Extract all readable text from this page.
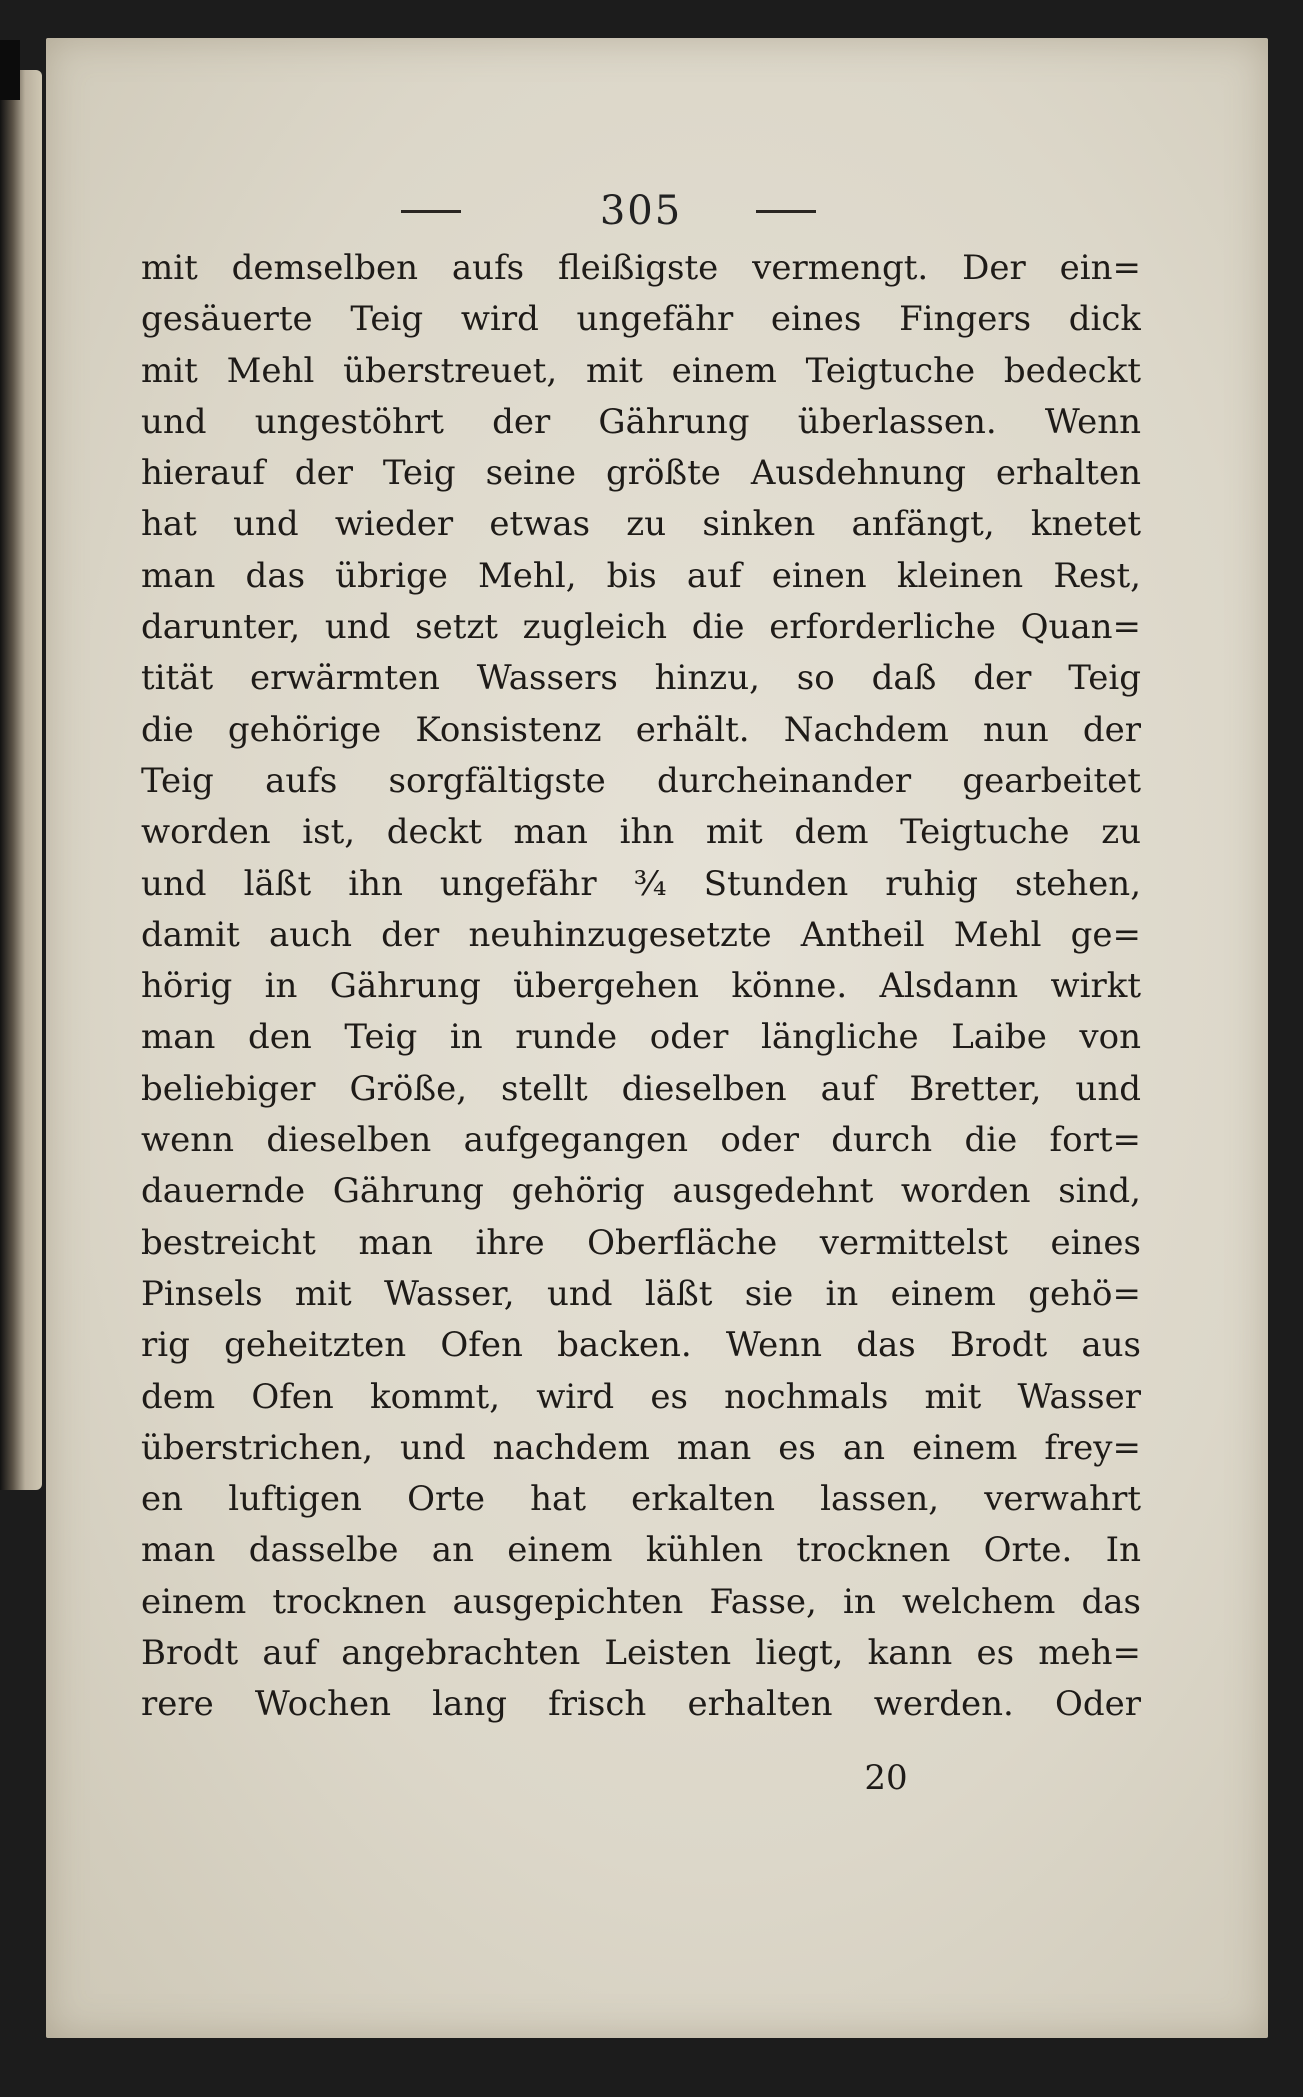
305
mit demselben aufs fleißigste vermengt. Der ein=
gesäuerte Teig wird ungefähr eines Fingers dick
mit Mehl überstreuet, mit einem Teigtuche bedeckt
und ungestöhrt der Gährung überlassen. Wenn
hierauf der Teig seine größte Ausdehnung erhalten
hat und wieder etwas zu sinken anfängt, knetet
man das übrige Mehl, bis auf einen kleinen Rest,
darunter, und setzt zugleich die erforderliche Quan=
tität erwärmten Wassers hinzu, so daß der Teig
die gehörige Konsistenz erhält. Nachdem nun der
Teig aufs sorgfältigste durcheinander gearbeitet
worden ist, deckt man ihn mit dem Teigtuche zu
und läßt ihn ungefähr ¾ Stunden ruhig stehen,
damit auch der neuhinzugesetzte Antheil Mehl ge=
hörig in Gährung übergehen könne. Alsdann wirkt
man den Teig in runde oder längliche Laibe von
beliebiger Größe, stellt dieselben auf Bretter, und
wenn dieselben aufgegangen oder durch die fort=
dauernde Gährung gehörig ausgedehnt worden sind,
bestreicht man ihre Oberfläche vermittelst eines
Pinsels mit Wasser, und läßt sie in einem gehö=
rig geheitzten Ofen backen. Wenn das Brodt aus
dem Ofen kommt, wird es nochmals mit Wasser
überstrichen, und nachdem man es an einem frey=
en luftigen Orte hat erkalten lassen, verwahrt
man dasselbe an einem kühlen trocknen Orte. In
einem trocknen ausgepichten Fasse, in welchem das
Brodt auf angebrachten Leisten liegt, kann es meh=
rere Wochen lang frisch erhalten werden. Oder
20
